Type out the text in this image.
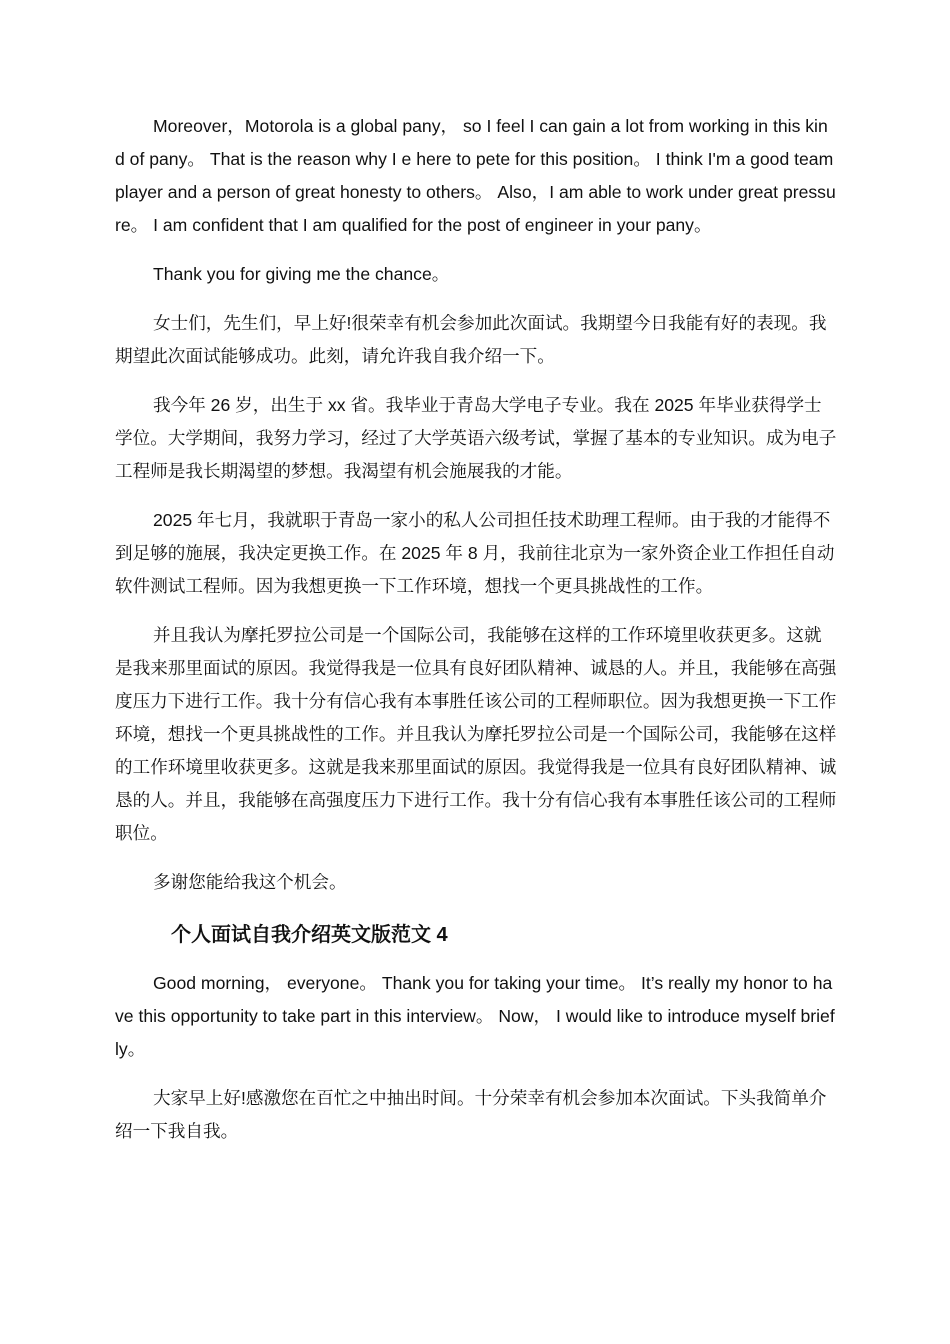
Moreover，Motorola is a global pany， so I feel I can gain a lot from working in this kind of pany。 That is the reason why I e here to pete for this position。 I think I'm a good team player and a person of great honesty to others。 Also，I am able to work under great pressure。 I am confident that I am qualified for the post of engineer in your pany。

Thank you for giving me the chance。

女士们，先生们，早上好!很荣幸有机会参加此次面试。我期望今日我能有好的表现。我期望此次面试能够成功。此刻，请允许我自我介绍一下。

我今年 26 岁，出生于 xx 省。我毕业于青岛大学电子专业。我在 2025 年毕业获得学士学位。大学期间，我努力学习，经过了大学英语六级考试，掌握了基本的专业知识。成为电子工程师是我长期渴望的梦想。我渴望有机会施展我的才能。

2025 年七月，我就职于青岛一家小的私人公司担任技术助理工程师。由于我的才能得不到足够的施展，我决定更换工作。在 2025 年 8 月，我前往北京为一家外资企业工作担任自动软件测试工程师。因为我想更换一下工作环境，想找一个更具挑战性的工作。

并且我认为摩托罗拉公司是一个国际公司，我能够在这样的工作环境里收获更多。这就是我来那里面试的原因。我觉得我是一位具有良好团队精神、诚恳的人。并且，我能够在高强度压力下进行工作。我十分有信心我有本事胜任该公司的工程师职位。因为我想更换一下工作环境，想找一个更具挑战性的工作。并且我认为摩托罗拉公司是一个国际公司，我能够在这样的工作环境里收获更多。这就是我来那里面试的原因。我觉得我是一位具有良好团队精神、诚恳的人。并且，我能够在高强度压力下进行工作。我十分有信心我有本事胜任该公司的工程师职位。

多谢您能给我这个机会。

个人面试自我介绍英文版范文 4

Good morning， everyone。 Thank you for taking your time。 It’s really my honor to have this opportunity to take part in this interview。 Now， I would like to introduce myself briefly。

大家早上好!感激您在百忙之中抽出时间。十分荣幸有机会参加本次面试。下头我简单介绍一下我自我。
